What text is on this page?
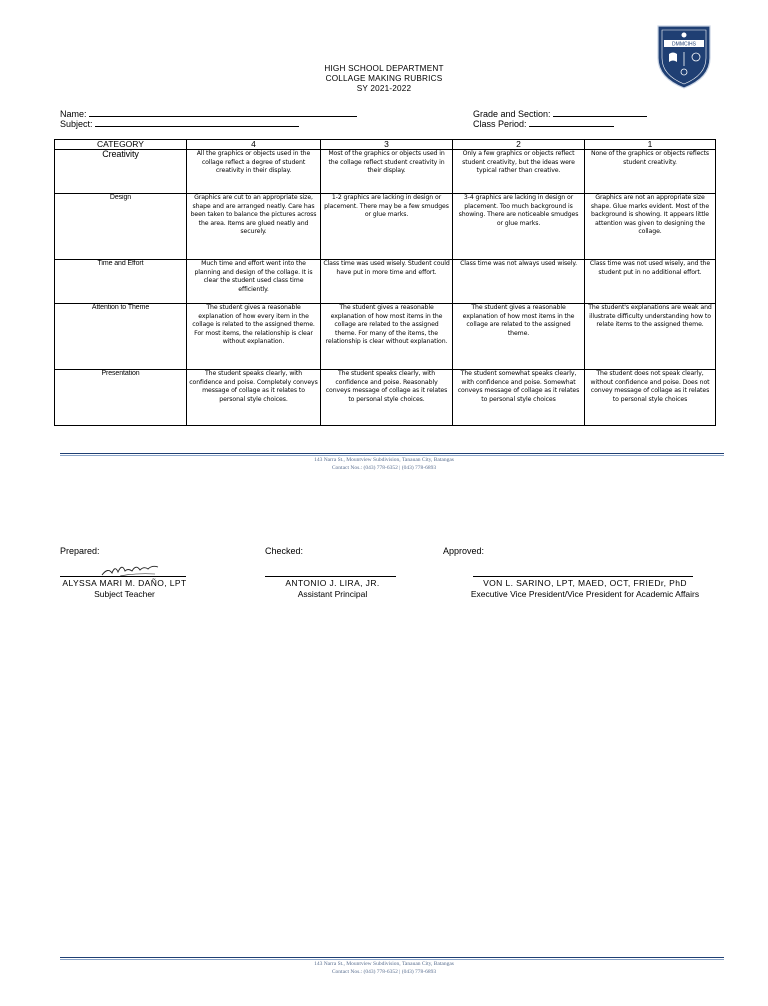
DMMCIHS
HIGH SCHOOL DEPARTMENT
COLLAGE MAKING RUBRICS
SY 2021-2022
Name:
Subject:
Grade and Section:
Class Period:
CATEGORY	4	3	2	1
Creativity	All the graphics or objects used in the collage reflect a degree of student creativity in their display.	Most of the graphics or objects used in the collage reflect student creativity in their display.	Only a few graphics or objects reflect student creativity, but the ideas were typical rather than creative.	None of the graphics or objects reflects student creativity.
Design	Graphics are cut to an appropriate size, shape and are arranged neatly. Care has been taken to balance the pictures across the area. Items are glued neatly and securely.	1-2 graphics are lacking in design or placement. There may be a few smudges or glue marks.	3-4 graphics are lacking in design or placement. Too much background is showing. There are noticeable smudges or glue marks.	Graphics are not an appropriate size shape. Glue marks evident. Most of the background is showing. It appears little attention was given to designing the collage.
Time and Effort	Much time and effort went into the planning and design of the collage. It is clear the student used class time efficiently.	Class time was used wisely. Student could have put in more time and effort.	Class time was not always used wisely.	Class time was not used wisely, and the student put in no additional effort.
Attention to Theme	The student gives a reasonable explanation of how every item in the collage is related to the assigned theme. For most items, the relationship is clear without explanation.	The student gives a reasonable explanation of how most items in the collage are related to the assigned theme. For many of the items, the relationship is clear without explanation.	The student gives a reasonable explanation of how most items in the collage are related to the assigned theme.	The student's explanations are weak and illustrate difficulty understanding how to relate items to the assigned theme.
Presentation	The student speaks clearly, with confidence and poise. Completely conveys message of collage as it relates to personal style choices.	The student speaks clearly, with confidence and poise. Reasonably conveys message of collage as it relates to personal style choices.	The student somewhat speaks clearly, with confidence and poise. Somewhat conveys message of collage as it relates to personal style choices	The student does not speak clearly, without confidence and poise. Does not convey message of collage as it relates to personal style choices
143 Narra St., Mountview Subdivision, Tanauan City, Batangas
Contact Nos.: (043) 778-6352 | (043) 778-6893
Prepared:	Checked:	Approved:
ALYSSA MARI M. DAÑO, LPT
Subject Teacher
ANTONIO J. LIRA, JR.
Assistant Principal
VON L. SARINO, LPT, MAED, OCT, FRIEDr, PhD
Executive Vice President/Vice President for Academic Affairs
143 Narra St., Mountview Subdivision, Tanauan City, Batangas
Contact Nos.: (043) 778-6352 | (043) 778-6893
